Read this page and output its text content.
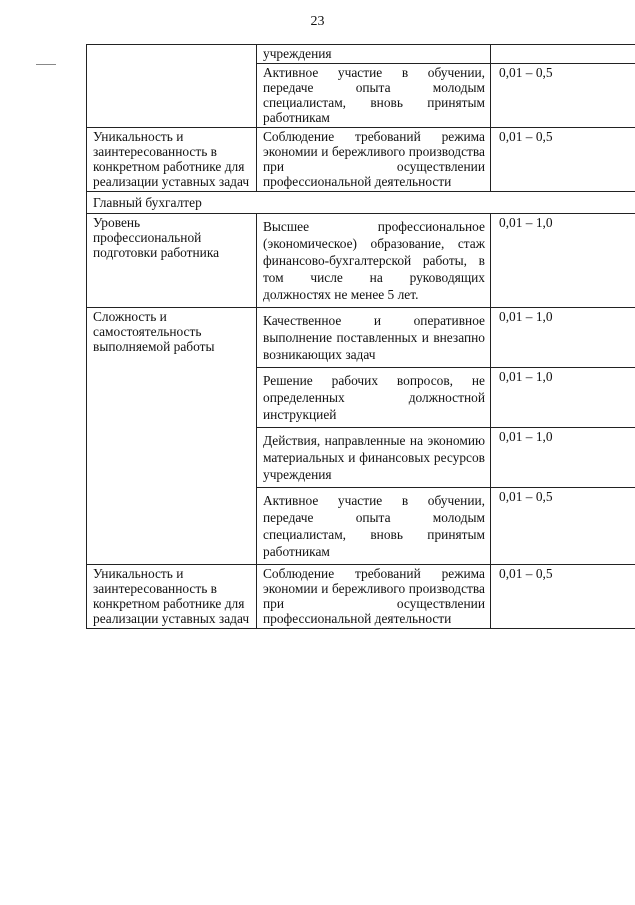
23
	учреждения	
	Активное участие в обучении, передаче опыта молодым специалистам, вновь принятым работникам	0,01 – 0,5
Уникальность и заинтересованность в конкретном работнике для реализации уставных задач	Соблюдение требований режима экономии и бережливого производства при осуществлении профессиональной деятельности	0,01 – 0,5
Главный бухгалтер		
Уровень профессиональной подготовки работника	Высшее профессиональное (экономическое) образование, стаж финансово-бухгалтерской работы, в том числе на руководящих должностях не менее 5 лет.	0,01 – 1,0
Сложность и самостоятельность выполняемой работы	Качественное и оперативное выполнение поставленных и внезапно возникающих задач	0,01 – 1,0
	Решение рабочих вопросов, не определенных должностной инструкцией	0,01 – 1,0
	Действия, направленные на экономию материальных и финансовых ресурсов учреждения	0,01 – 1,0
	Активное участие в обучении, передаче опыта молодым специалистам, вновь принятым работникам	0,01 – 0,5
Уникальность и заинтересованность в конкретном работнике для реализации уставных задач	Соблюдение требований режима экономии и бережливого производства при осуществлении профессиональной деятельности	0,01 – 0,5
